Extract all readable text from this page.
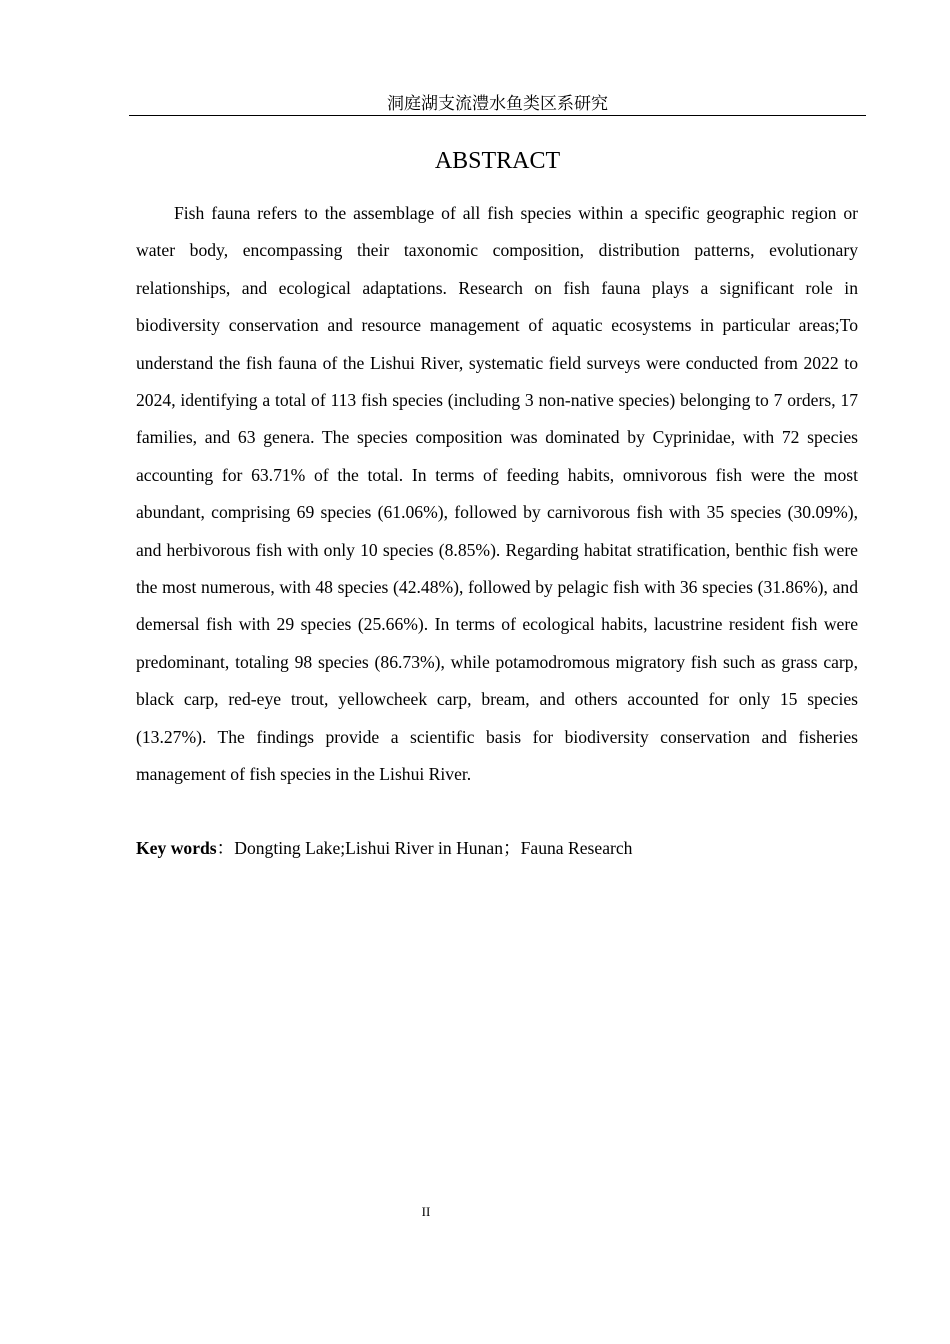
洞庭湖支流澧水鱼类区系研究
ABSTRACT

Fish fauna refers to the assemblage of all fish species within a specific geographic region or water body, encompassing their taxonomic composition, distribution patterns, evolutionary relationships, and ecological adaptations. Research on fish fauna plays a significant role in biodiversity conservation and resource management of aquatic ecosystems in particular areas;To understand the fish fauna of the Lishui River, systematic field surveys were conducted from 2022 to 2024, identifying a total of 113 fish species (including 3 non-native species) belonging to 7 orders, 17 families, and 63 genera. The species composition was dominated by Cyprinidae, with 72 species accounting for 63.71% of the total. In terms of feeding habits, omnivorous fish were the most abundant, comprising 69 species (61.06%), followed by carnivorous fish with 35 species (30.09%), and herbivorous fish with only 10 species (8.85%). Regarding habitat stratification, benthic fish were the most numerous, with 48 species (42.48%), followed by pelagic fish with 36 species (31.86%), and demersal fish with 29 species (25.66%). In terms of ecological habits, lacustrine resident fish were predominant, totaling 98 species (86.73%), while potamodromous migratory fish such as grass carp, black carp, red-eye trout, yellowcheek carp, bream, and others accounted for only 15 species (13.27%). The findings provide a scientific basis for biodiversity conservation and fisheries management of fish species in the Lishui River.

Key words：Dongting Lake;Lishui River in Hunan；Fauna Research

II
